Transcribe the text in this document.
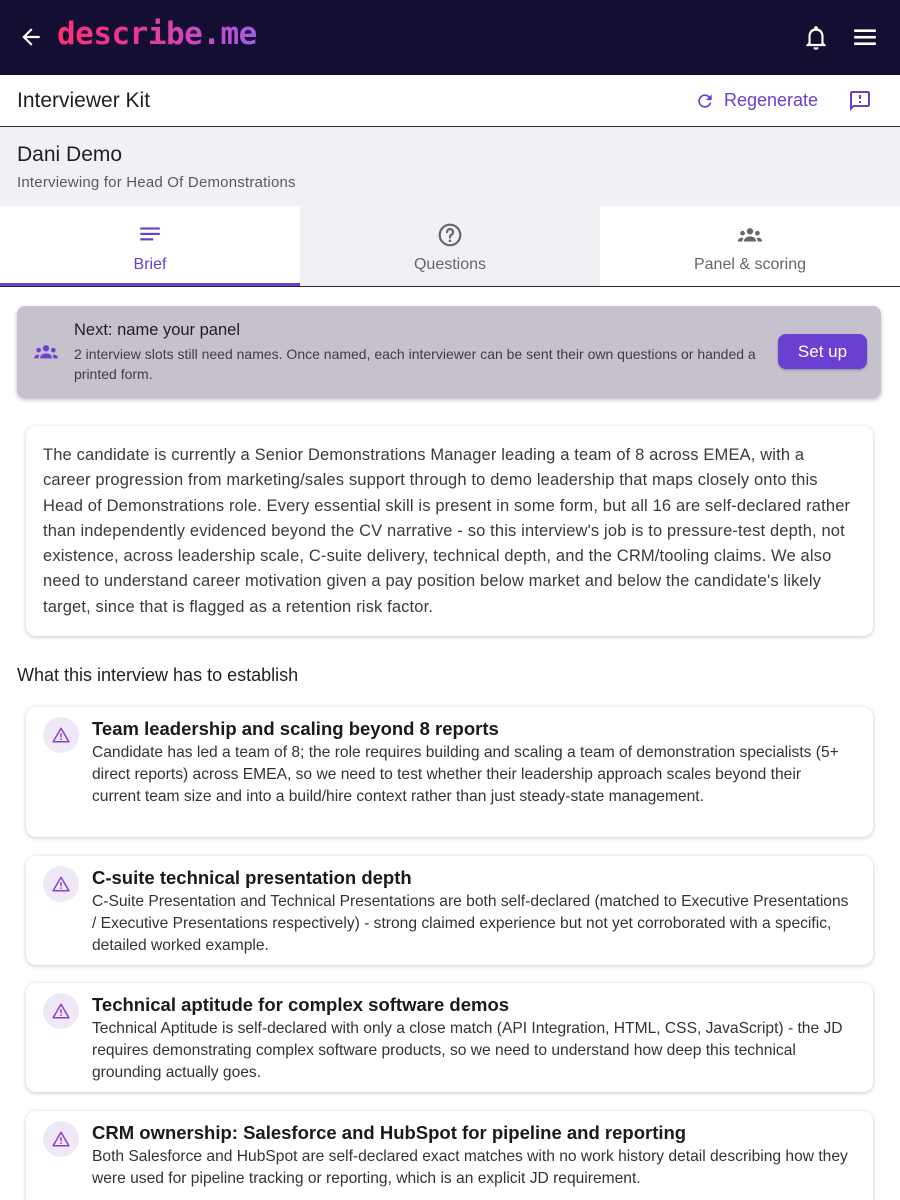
describe.me
Interviewer Kit	Regenerate
Dani Demo
Interviewing for Head Of Demonstrations
Brief	Questions	Panel & scoring
Next: name your panel
2 interview slots still need names. Once named, each interviewer can be sent their own questions or handed a printed form.
Set up
The candidate is currently a Senior Demonstrations Manager leading a team of 8 across EMEA, with a career progression from marketing/sales support through to demo leadership that maps closely onto this Head of Demonstrations role. Every essential skill is present in some form, but all 16 are self-declared rather than independently evidenced beyond the CV narrative - so this interview's job is to pressure-test depth, not existence, across leadership scale, C-suite delivery, technical depth, and the CRM/tooling claims. We also need to understand career motivation given a pay position below market and below the candidate's likely target, since that is flagged as a retention risk factor.
What this interview has to establish
Team leadership and scaling beyond 8 reports
Candidate has led a team of 8; the role requires building and scaling a team of demonstration specialists (5+ direct reports) across EMEA, so we need to test whether their leadership approach scales beyond their current team size and into a build/hire context rather than just steady-state management.
C-suite technical presentation depth
C-Suite Presentation and Technical Presentations are both self-declared (matched to Executive Presentations / Executive Presentations respectively) - strong claimed experience but not yet corroborated with a specific, detailed worked example.
Technical aptitude for complex software demos
Technical Aptitude is self-declared with only a close match (API Integration, HTML, CSS, JavaScript) - the JD requires demonstrating complex software products, so we need to understand how deep this technical grounding actually goes.
CRM ownership: Salesforce and HubSpot for pipeline and reporting
Both Salesforce and HubSpot are self-declared exact matches with no work history detail describing how they were used for pipeline tracking or reporting, which is an explicit JD requirement.
